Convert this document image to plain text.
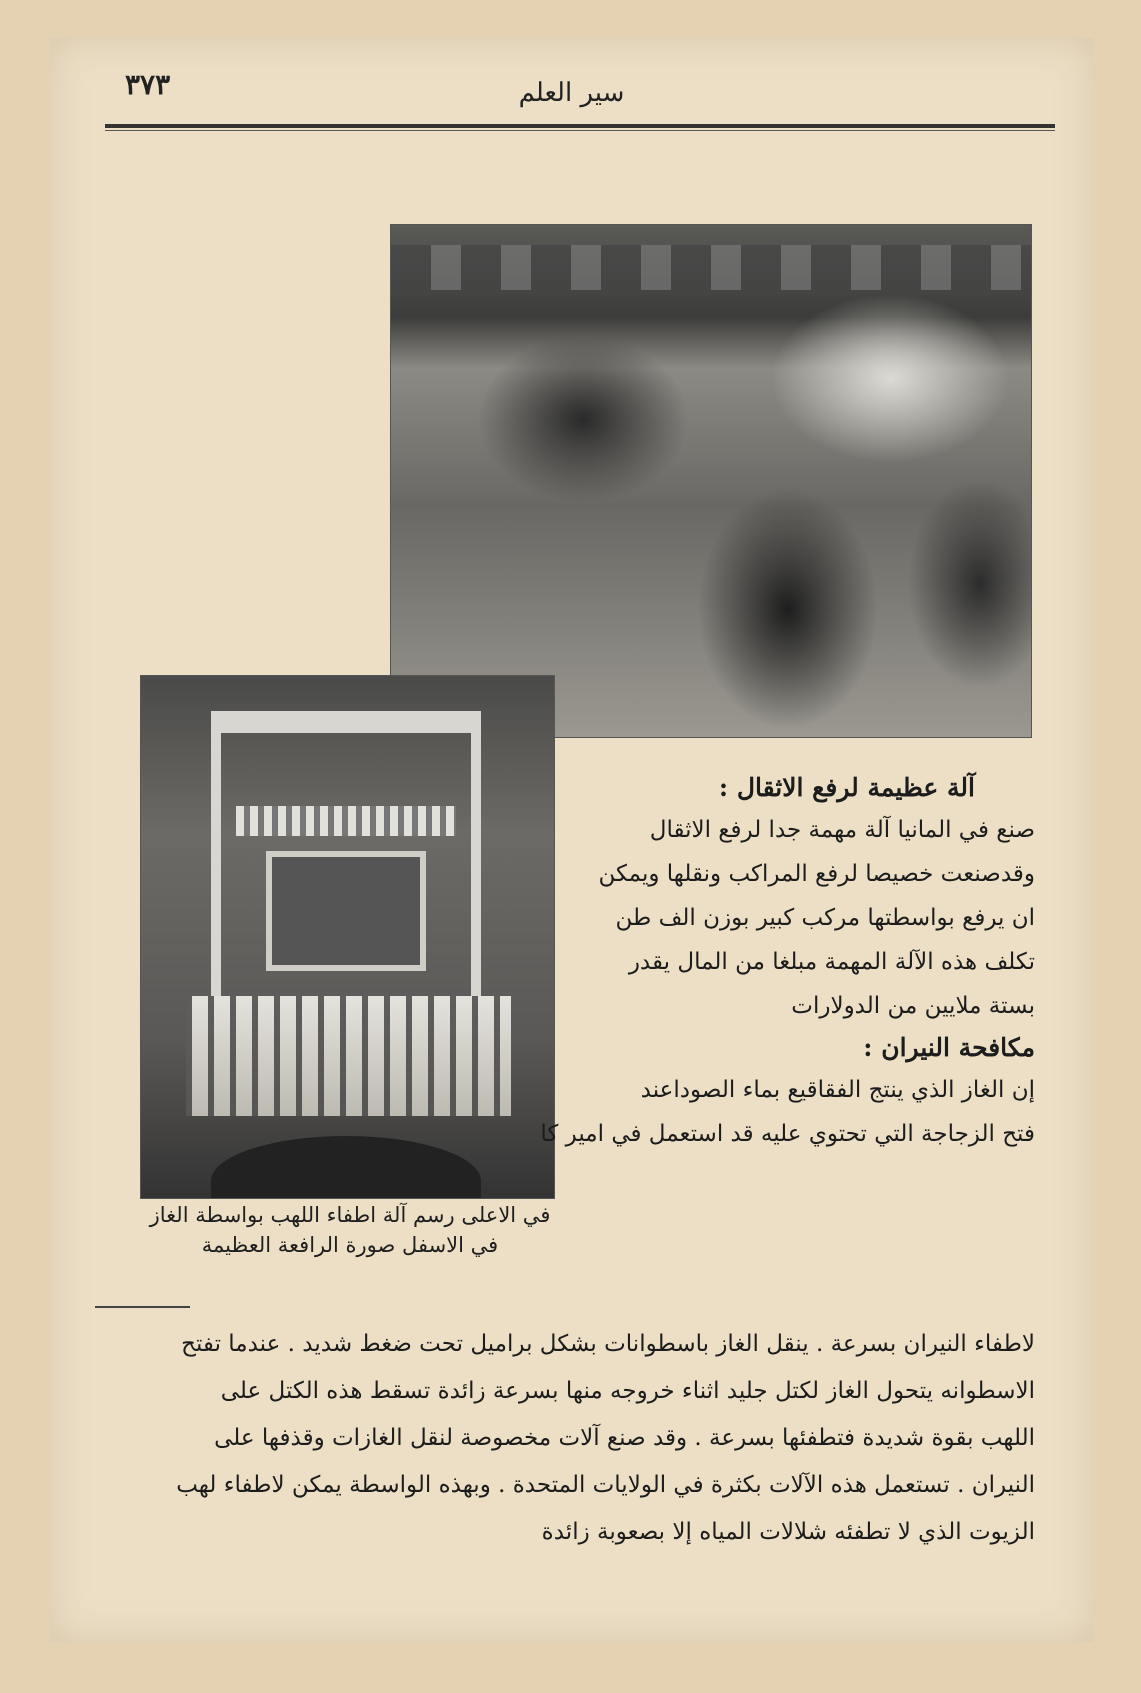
٣٧٣	سير العلم
في الاعلى رسم آلة اطفاء اللهب بواسطة الغاز
في الاسفل صورة الرافعة العظيمة
آلة عظيمة لرفع الاثقال :
صنع في المانيا آلة مهمة جدا لرفع الاثقال
وقدصنعت خصيصا لرفع المراكب ونقلها ويمكن
ان يرفع بواسطتها مركب كبير بوزن الف طن
تكلف هذه الآلة المهمة مبلغا من المال يقدر
بستة ملايين من الدولارات
مكافحة النيران :
إن الغاز الذي ينتج الفقاقيع بماء الصوداعند
فتح الزجاجة التي تحتوي عليه قد استعمل في امير كا
لاطفاء النيران بسرعة . ينقل الغاز باسطوانات بشكل براميل تحت ضغط شديد . عندما تفتح
الاسطوانه يتحول الغاز لكتل جليد اثناء خروجه منها بسرعة زائدة تسقط هذه الكتل على
اللهب بقوة شديدة فتطفئها بسرعة . وقد صنع آلات مخصوصة لنقل الغازات وقذفها على
النيران . تستعمل هذه الآلات بكثرة في الولايات المتحدة . وبهذه الواسطة يمكن لاطفاء لهب
الزيوت الذي لا تطفئه شلالات المياه إلا بصعوبة زائدة
